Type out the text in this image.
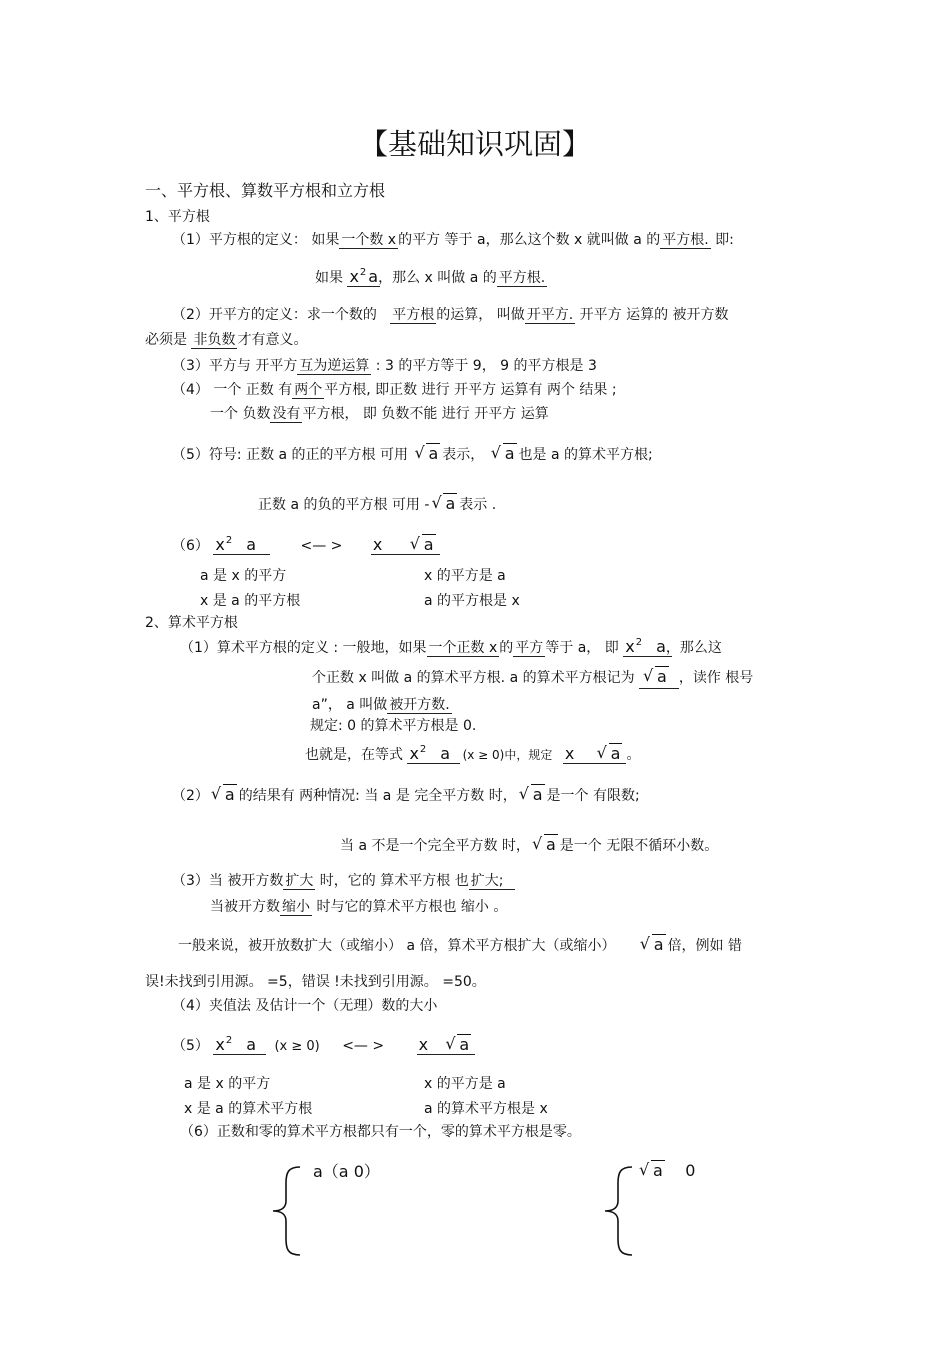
【基础知识巩固】
一、平方根、算数平方根和立方根
1、平方根
（1）平方根的定义： 如果 一个数 x 的平方 等于 a，那么这个数 x 就叫做 a 的 平方根. 即:
如果 $x^2$ a，那么 x 叫做 a 的 平方根.
（2）开平方的定义：求一个数的 平方根 的运算， 叫做 开平方. 开平方 运算的 被开方数
必须是 非负数 才有意义。
（3）平方与 开平方 互为逆运算 : 3 的平方等于 9， 9 的平方根是 3
（4） 一个 正数 有 两个 平方根, 即正数 进行 开平方 运算有 两个 结果 ;
一个 负数 没有 平方根， 即 负数不能 进行 开平方 运算
（5）符号: 正数 a 的正的平方根 可用 √ a 表示， √ a 也是 a 的算术平方根;
正数 a 的负的平方根 可用 - √ a 表示 .
（6） $x^2$ a	<— > x √ a
a 是 x 的平方	x 的平方是 a
x 是 a 的平方根	a 的平方根是 x
2、算术平方根
（1）算术平方根的定义 : 一般地，如果 一个正数 x 的 平方 等于 a， 即 $x^2$ a，那么这
个正数 x 叫做 a 的算术平方根. a 的算术平方根记为 √ a ，读作 根号
a”， a 叫做 被开方数.
规定: 0 的算术平方根是 0.
也就是，在等式 $x^2$ a (x ≥ 0)中，规定 x √ a 。
（2） √ a 的结果有 两种情况: 当 a 是 完全平方数 时， √ a 是一个 有限数;
当 a 不是一个完全平方数 时， √ a 是一个 无限不循环小数。
（3）当 被开方数 扩大 时，它的 算术平方根 也 扩大;
当被开方数 缩小 时与它的算术平方根也 缩小 。
一般来说，被开放数扩大（或缩小） a 倍，算术平方根扩大（或缩小） √ a 倍，例如 错
误!未找到引用源。 =5，错误 !未找到引用源。 =50。
（4）夹值法 及估计一个（无理）数的大小
（5） $x^2$ a (x ≥ 0) <— > x √ a
a 是 x 的平方	x 的平方是 a
x 是 a 的算术平方根	a 的算术平方根是 x
（6）正数和零的算术平方根都只有一个，零的算术平方根是零。
a（a 0）	√ a 0
